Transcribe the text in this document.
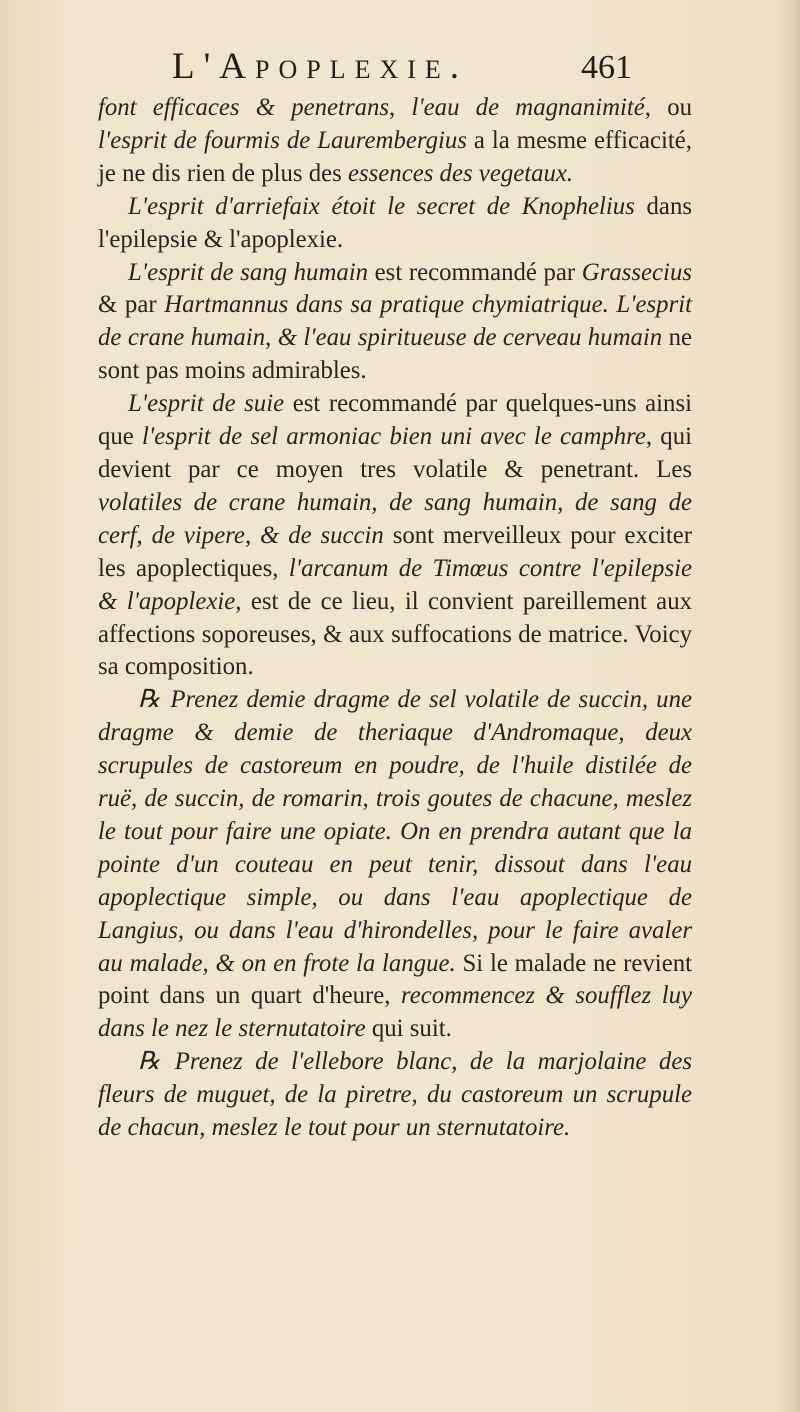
L'Apoplexie.	461

font efficaces & penetrans, l'eau de magnanimité, ou l'esprit de fourmis de Laurembergius a la mesme efficacité, je ne dis rien de plus des essences des vegetaux.

L'esprit d'arriefaix étoit le secret de Knophelius dans l'epilepsie & l'apoplexie.

L'esprit de sang humain est recommandé par Grassecius & par Hartmannus dans sa pratique chymiatrique. L'esprit de crane humain, & l'eau spiritueuse de cerveau humain ne sont pas moins admirables.

L'esprit de suie est recommandé par quelques-uns ainsi que l'esprit de sel armoniac bien uni avec le camphre, qui devient par ce moyen tres volatile & penetrant. Les volatiles de crane humain, de sang humain, de sang de cerf, de vipere, & de succin sont merveilleux pour exciter les apoplectiques, l'arcanum de Timœus contre l'epilepsie & l'apoplexie, est de ce lieu, il convient pareillement aux affections soporeuses, & aux suffocations de matrice. Voicy sa composition.

℞ Prenez demie dragme de sel volatile de succin, une dragme & demie de theriaque d'Andromaque, deux scrupules de castoreum en poudre, de l'huile distilée de ruë, de succin, de romarin, trois goutes de chacune, meslez le tout pour faire une opiate. On en prendra autant que la pointe d'un couteau en peut tenir, dissout dans l'eau apoplectique simple, ou dans l'eau apoplectique de Langius, ou dans l'eau d'hirondelles, pour le faire avaler au malade, & on en frote la langue. Si le malade ne revient point dans un quart d'heure, recommencez & soufflez luy dans le nez le sternutatoire qui suit.

℞ Prenez de l'ellebore blanc, de la marjolaine des fleurs de muguet, de la piretre, du castoreum un scrupule de chacun, meslez le tout pour un sternutatoire.
